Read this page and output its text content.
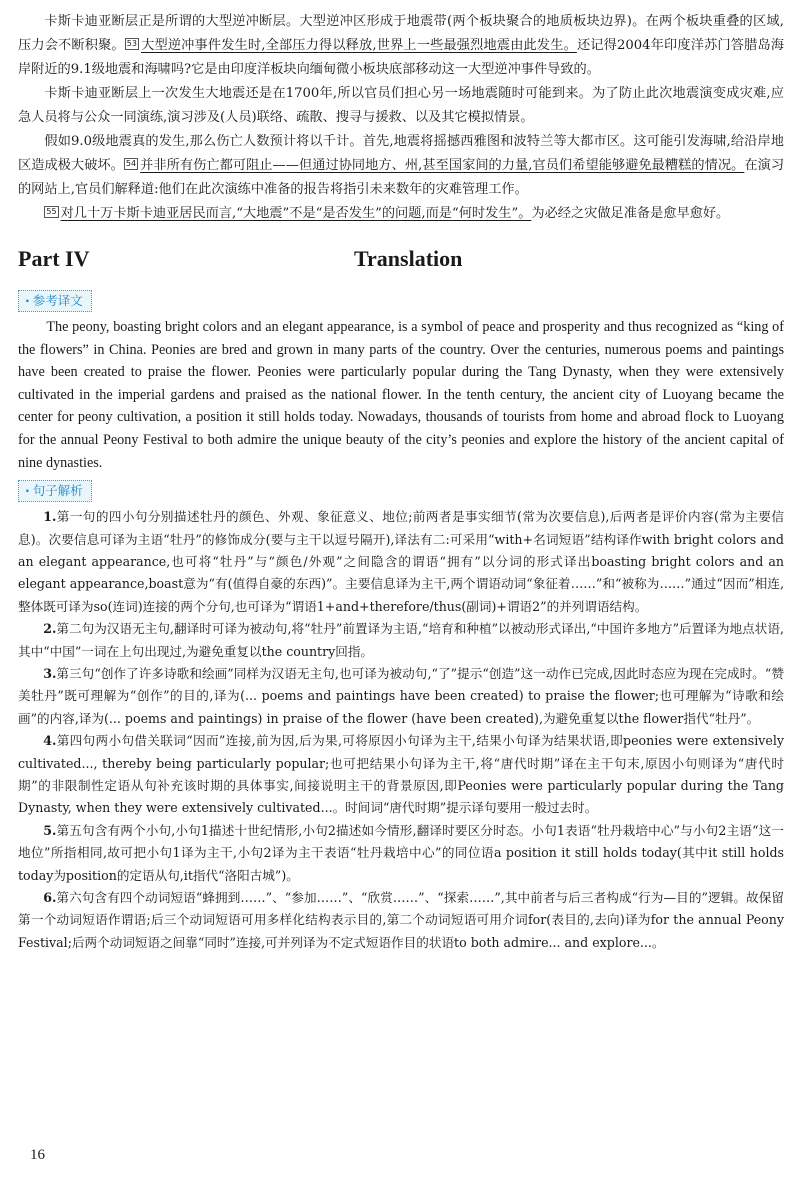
卡斯卡迪亚断层正是所谓的大型逆冲断层。大型逆冲区形成于地震带(两个板块聚合的地质板块边界)。在两个板块重叠的区域,压力会不断积聚。 53 大型逆冲事件发生时,全部压力得以释放,世界上一些最强烈地震由此发生。还记得2004年印度洋苏门答腊岛海岸附近的9.1级地震和海啸吗?它是由印度洋板块向缅甸微小板块底部移动这一大型逆冲事件导致的。

卡斯卡迪亚断层上一次发生大地震还是在1700年,所以官员们担心另一场地震随时可能到来。为了防止此次地震演变成灾难,应急人员将与公众一同演练,演习涉及(人员)联络、疏散、搜寻与援救、以及其它模拟情景。

假如9.0级地震真的发生,那么伤亡人数预计将以千计。首先,地震将摇撼西雅图和波特兰等大都市区。这可能引发海啸,给沿岸地区造成极大破坏。 54 并非所有伤亡都可阻止——但通过协同地方、州,甚至国家间的力量,官员们希望能够避免最糟糕的情况。在演习的网站上,官员们解释道:他们在此次演练中准备的报告将指引未来数年的灾难管理工作。

55 对几十万卡斯卡迪亚居民而言,“大地震”不是“是否发生”的问题,而是“何时发生”。为必经之灾做足准备是愈早愈好。

Part IV	Translation
· 参考译文

The peony, boasting bright colors and an elegant appearance, is a symbol of peace and prosperity and thus recognized as “king of the flowers” in China. Peonies are bred and grown in many parts of the country. Over the centuries, numerous poems and paintings have been created to praise the flower. Peonies were particularly popular during the Tang Dynasty, when they were extensively cultivated in the imperial gardens and praised as the national flower. In the tenth century, the ancient city of Luoyang became the center for peony cultivation, a position it still holds today. Nowadays, thousands of tourists from home and abroad flock to Luoyang for the annual Peony Festival to both admire the unique beauty of the city’s peonies and explore the history of the ancient capital of nine dynasties.

· 句子解析

1.第一句的四小句分别描述牡丹的颜色、外观、象征意义、地位;前两者是事实细节(常为次要信息),后两者是评价内容(常为主要信息)。次要信息可译为主语“牡丹”的修饰成分(要与主干以逗号隔开),译法有二:可采用“with+名词短语”结构译作with bright colors and an elegant appearance,也可将“牡丹”与“颜色/外观”之间隐含的谓语“拥有”以分词的形式译出boasting bright colors and an elegant appearance,boast意为“有(值得自豪的东西)”。主要信息译为主干,两个谓语动词“象征着……”和“被称为……”通过“因而”相连,整体既可译为so(连词)连接的两个分句,也可译为“谓语1+and+therefore/thus(副词)+谓语2”的并列谓语结构。

2.第二句为汉语无主句,翻译时可译为被动句,将“牡丹”前置译为主语,“培育和种植”以被动形式译出,“中国许多地方”后置译为地点状语,其中“中国”一词在上句出现过,为避免重复以the country回指。

3.第三句“创作了许多诗歌和绘画”同样为汉语无主句,也可译为被动句,“了”提示“创造”这一动作已完成,因此时态应为现在完成时。“赞美牡丹”既可理解为“创作”的目的,译为(... poems and paintings have been created) to praise the flower;也可理解为“诗歌和绘画”的内容,译为(... poems and paintings) in praise of the flower (have been created),为避免重复以the flower指代“牡丹”。

4.第四句两小句借关联词“因而”连接,前为因,后为果,可将原因小句译为主干,结果小句译为结果状语,即peonies were extensively cultivated..., thereby being particularly popular;也可把结果小句译为主干,将“唐代时期”译在主干句末,原因小句则译为“唐代时期”的非限制性定语从句补充该时期的具体事实,间接说明主干的背景原因,即Peonies were particularly popular during the Tang Dynasty, when they were extensively cultivated...。时间词“唐代时期”提示译句要用一般过去时。

5.第五句含有两个小句,小句1描述十世纪情形,小句2描述如今情形,翻译时要区分时态。小句1表语“牡丹栽培中心”与小句2主语“这一地位”所指相同,故可把小句1译为主干,小句2译为主干表语“牡丹栽培中心”的同位语a position it still holds today(其中it still holds today为position的定语从句,it指代“洛阳古城”)。

6.第六句含有四个动词短语“蜂拥到……”、“参加……”、“欣赏……”、“探索……”,其中前者与后三者构成“行为—目的”逻辑。故保留第一个动词短语作谓语;后三个动词短语可用多样化结构表示目的,第二个动词短语可用介词for(表目的,去向)译为for the annual Peony Festival;后两个动词短语之间靠“同时”连接,可并列译为不定式短语作目的状语to both admire... and explore...。

16
